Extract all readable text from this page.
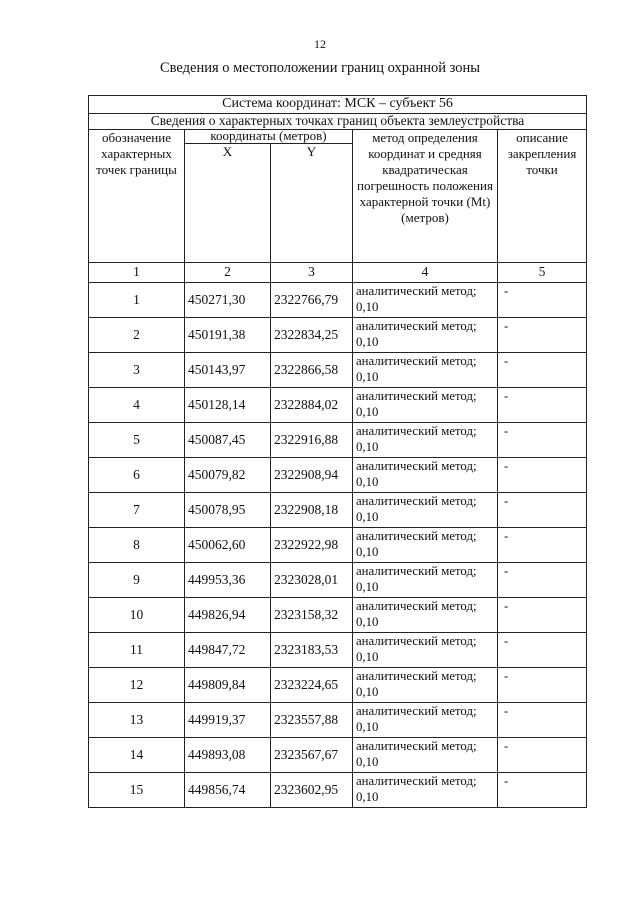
12
Сведения о местоположении границ охранной зоны
Система координат: МСК – субъект 56				
Сведения о характерных точках границ объекта землеустройства				
обозначение характерных точек границы	координаты (метров)		метод определения координат и средняя квадратическая погрешность положения характерной точки (Mt) (метров)	описание закрепления точки
	X	Y		
1	2	3	4	5
1	450271,30	2322766,79	аналитический метод; 0,10	-
2	450191,38	2322834,25	аналитический метод; 0,10	-
3	450143,97	2322866,58	аналитический метод; 0,10	-
4	450128,14	2322884,02	аналитический метод; 0,10	-
5	450087,45	2322916,88	аналитический метод; 0,10	-
6	450079,82	2322908,94	аналитический метод; 0,10	-
7	450078,95	2322908,18	аналитический метод; 0,10	-
8	450062,60	2322922,98	аналитический метод; 0,10	-
9	449953,36	2323028,01	аналитический метод; 0,10	-
10	449826,94	2323158,32	аналитический метод; 0,10	-
11	449847,72	2323183,53	аналитический метод; 0,10	-
12	449809,84	2323224,65	аналитический метод; 0,10	-
13	449919,37	2323557,88	аналитический метод; 0,10	-
14	449893,08	2323567,67	аналитический метод; 0,10	-
15	449856,74	2323602,95	аналитический метод; 0,10	-
